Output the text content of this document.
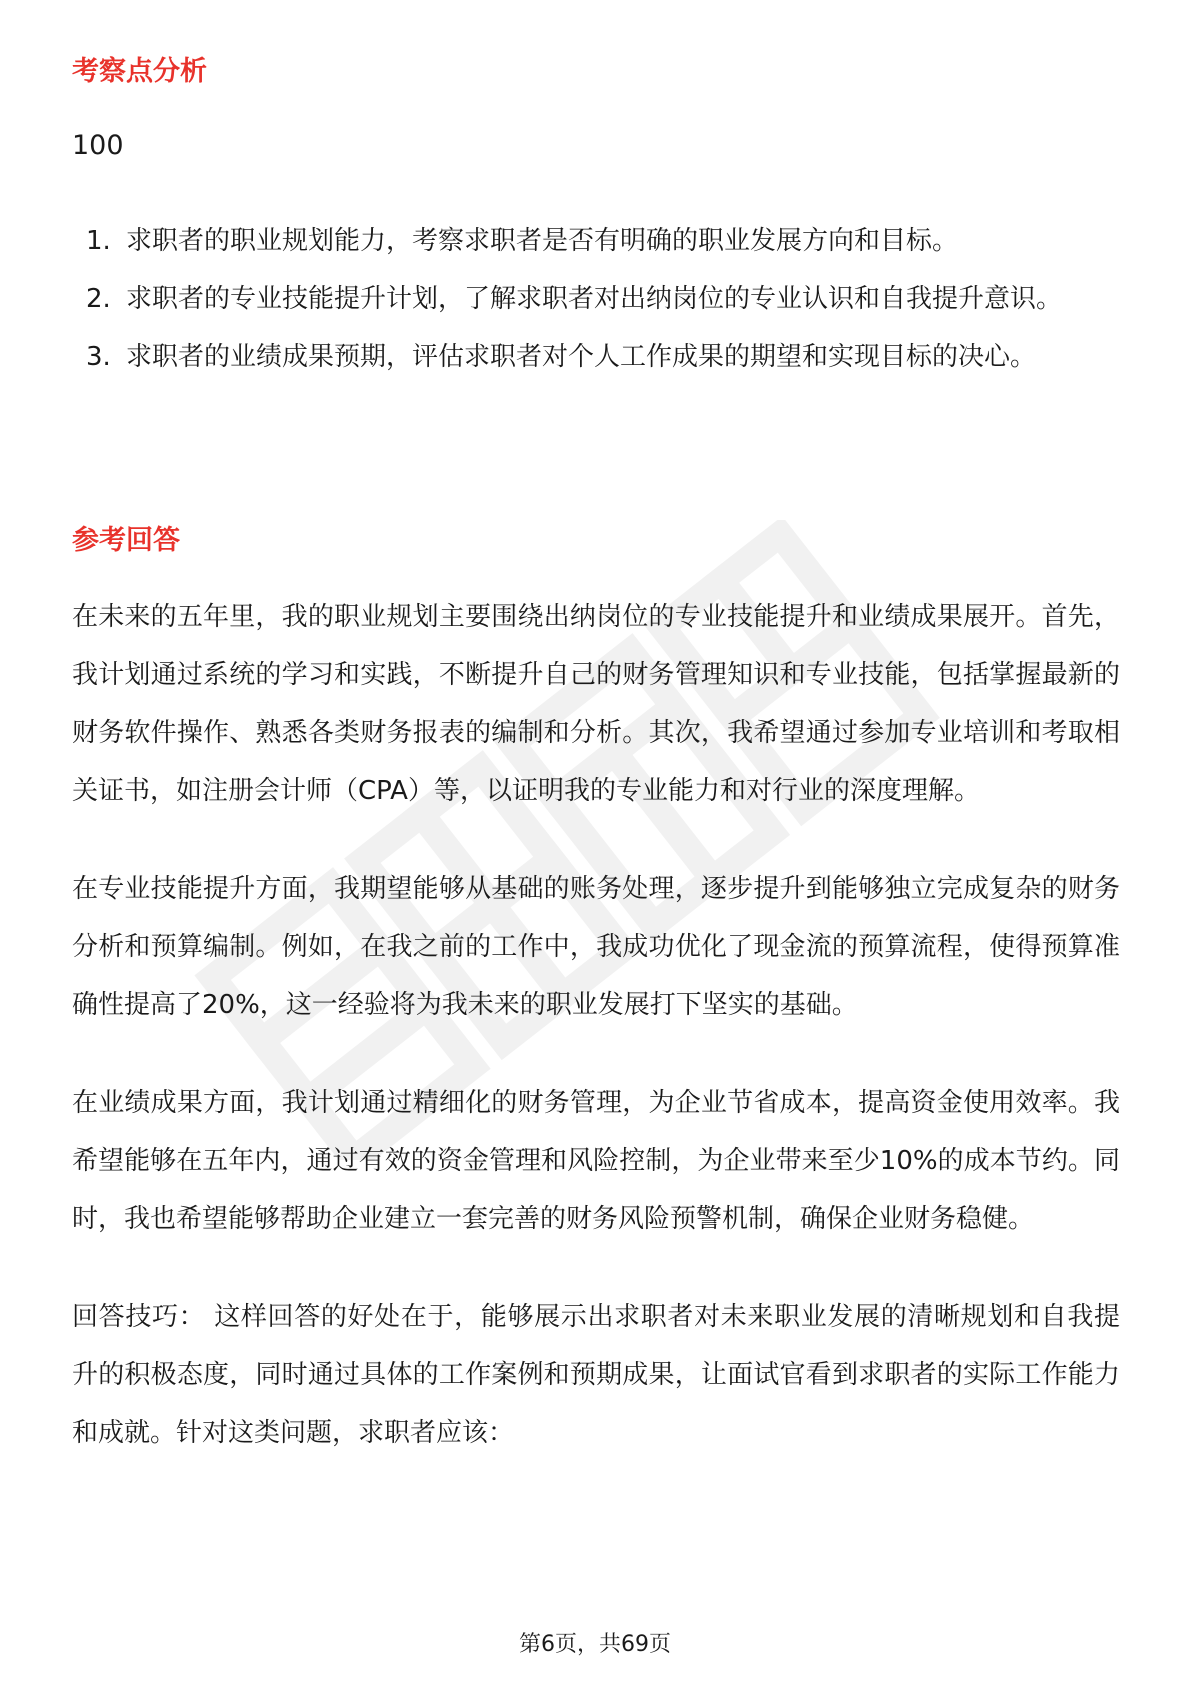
考察点分析

100

1. 求职者的职业规划能力，考察求职者是否有明确的职业发展方向和目标。
2. 求职者的专业技能提升计划，了解求职者对出纳岗位的专业认识和自我提升意识。
3. 求职者的业绩成果预期，评估求职者对个人工作成果的期望和实现目标的决心。
参考回答

在未来的五年里，我的职业规划主要围绕出纳岗位的专业技能提升和业绩成果展开。首先，我计划通过系统的学习和实践，不断提升自己的财务管理知识和专业技能，包括掌握最新的财务软件操作、熟悉各类财务报表的编制和分析。其次，我希望通过参加专业培训和考取相关证书，如注册会计师（CPA）等，以证明我的专业能力和对行业的深度理解。

在专业技能提升方面，我期望能够从基础的账务处理，逐步提升到能够独立完成复杂的财务分析和预算编制。例如，在我之前的工作中，我成功优化了现金流的预算流程，使得预算准确性提高了20%，这一经验将为我未来的职业发展打下坚实的基础。

在业绩成果方面，我计划通过精细化的财务管理，为企业节省成本，提高资金使用效率。我希望能够在五年内，通过有效的资金管理和风险控制，为企业带来至少10%的成本节约。同时，我也希望能够帮助企业建立一套完善的财务风险预警机制，确保企业财务稳健。

回答技巧： 这样回答的好处在于，能够展示出求职者对未来职业发展的清晰规划和自我提升的积极态度，同时通过具体的工作案例和预期成果，让面试官看到求职者的实际工作能力和成就。针对这类问题，求职者应该：

第6页，共69页
